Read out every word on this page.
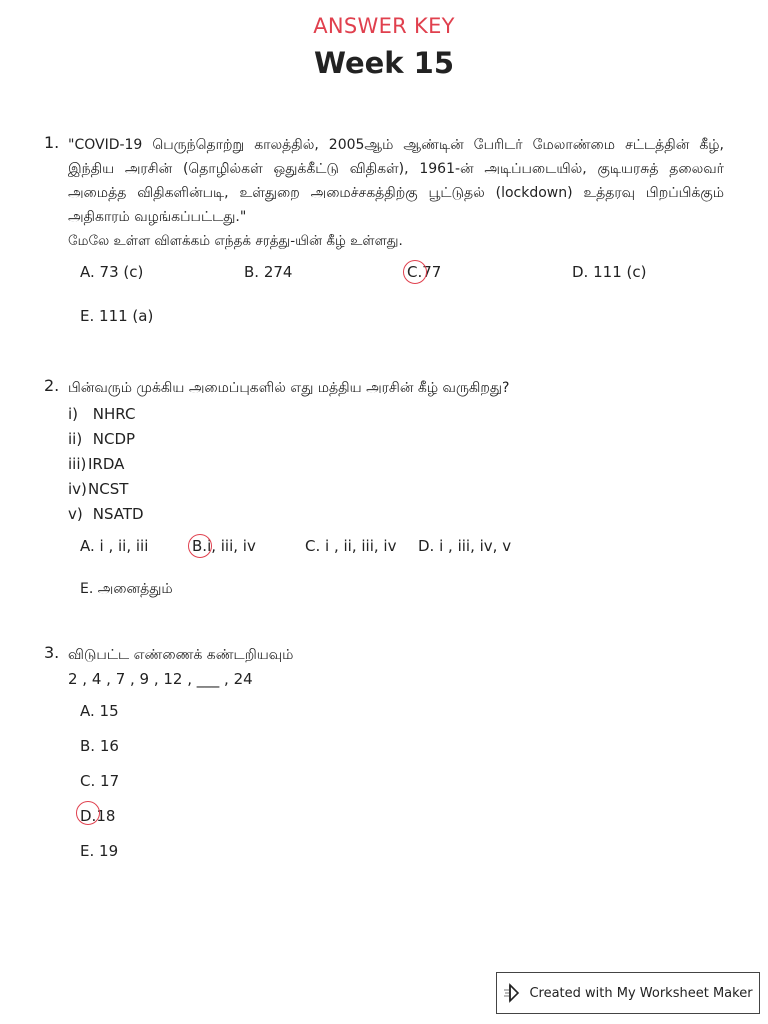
ANSWER KEY
Week 15
1. "COVID-19 பெருந்தொற்று காலத்தில், 2005ஆம் ஆண்டின் பேரிடர் மேலாண்மை சட்டத்தின் கீழ், இந்திய அரசின் (தொழில்கள் ஒதுக்கீட்டு விதிகள்), 1961-ன் அடிப்படையில், குடியரசுத் தலைவர் அமைத்த விதிகளின்படி, உள்துறை அமைச்சகத்திற்கு பூட்டுதல் (lockdown) உத்தரவு பிறப்பிக்கும் அதிகாரம் வழங்கப்பட்டது."
மேலே உள்ள விளக்கம் எந்தக் சரத்து-யின் கீழ் உள்ளது.
A. 73 (c)	B. 274	C.77	D. 111 (c)
E. 111 (a)
2. பின்வரும் முக்கிய அமைப்புகளில் எது மத்திய அரசின் கீழ் வருகிறது?
i) NHRC
ii) NCDP
iii) IRDA
iv)NCST
v) NSATD
A. i , ii, iii	B.i, iii, iv	C. i , ii, iii, iv D. i , iii, iv, v
E. அனைத்தும்
3. விடுபட்ட எண்ணைக் கண்டறியவும்
2 , 4 , 7 , 9 , 12 , ___ , 24
A. 15
B. 16
C. 17
D.18
E. 19
Created with My Worksheet Maker
